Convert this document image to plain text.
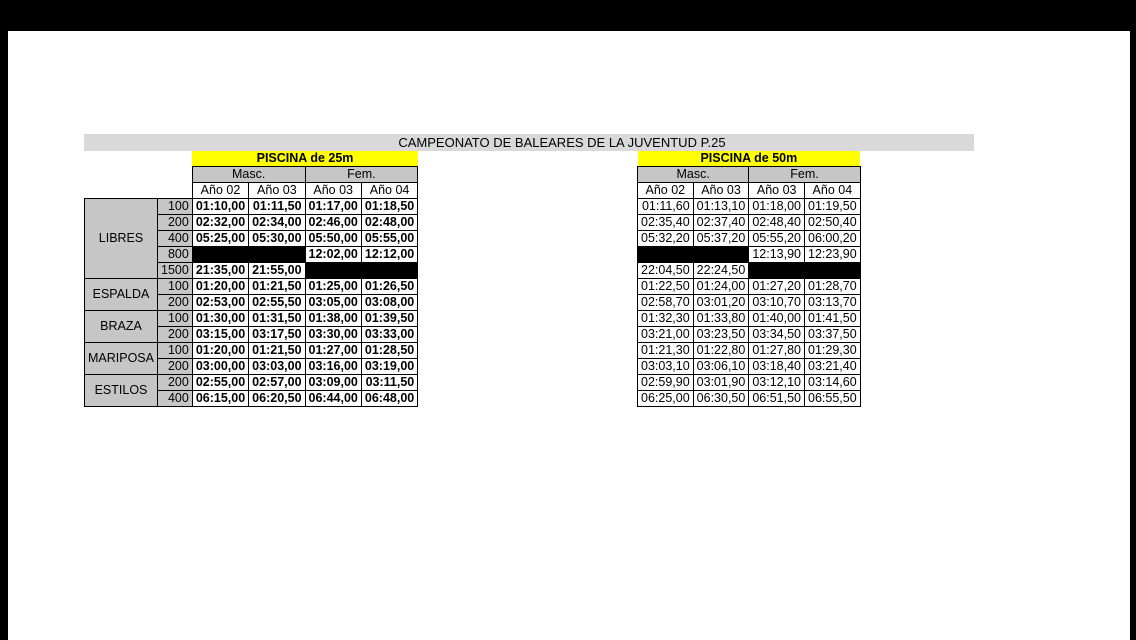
CAMPEONATO DE BALEARES DE LA JUVENTUD P.25
		PISCINA de 25m			
		Masc.		Fem.	
		Año 02	Año 03	Año 03	Año 04
LIBRES	100	01:10,00	01:11,50	01:17,00	01:18,50
	200	02:32,00	02:34,00	02:46,00	02:48,00
	400	05:25,00	05:30,00	05:50,00	05:55,00
	800			12:02,00	12:12,00
	1500	21:35,00	21:55,00		
ESPALDA	100	01:20,00	01:21,50	01:25,00	01:26,50
	200	02:53,00	02:55,50	03:05,00	03:08,00
BRAZA	100	01:30,00	01:31,50	01:38,00	01:39,50
	200	03:15,00	03:17,50	03:30,00	03:33,00
MARIPOSA	100	01:20,00	01:21,50	01:27,00	01:28,50
	200	03:00,00	03:03,00	03:16,00	03:19,00
ESTILOS	200	02:55,00	02:57,00	03:09,00	03:11,50
	400	06:15,00	06:20,50	06:44,00	06:48,00
PISCINA de 50m			
Masc.		Fem.	
Año 02	Año 03	Año 03	Año 04
01:11,60	01:13,10	01:18,00	01:19,50
02:35,40	02:37,40	02:48,40	02:50,40
05:32,20	05:37,20	05:55,20	06:00,20
		12:13,90	12:23,90
22:04,50	22:24,50		
01:22,50	01:24,00	01:27,20	01:28,70
02:58,70	03:01,20	03:10,70	03:13,70
01:32,30	01:33,80	01:40,00	01:41,50
03:21,00	03:23,50	03:34,50	03:37,50
01:21,30	01:22,80	01:27,80	01:29,30
03:03,10	03:06,10	03:18,40	03:21,40
02:59,90	03:01,90	03:12,10	03:14,60
06:25,00	06:30,50	06:51,50	06:55,50
